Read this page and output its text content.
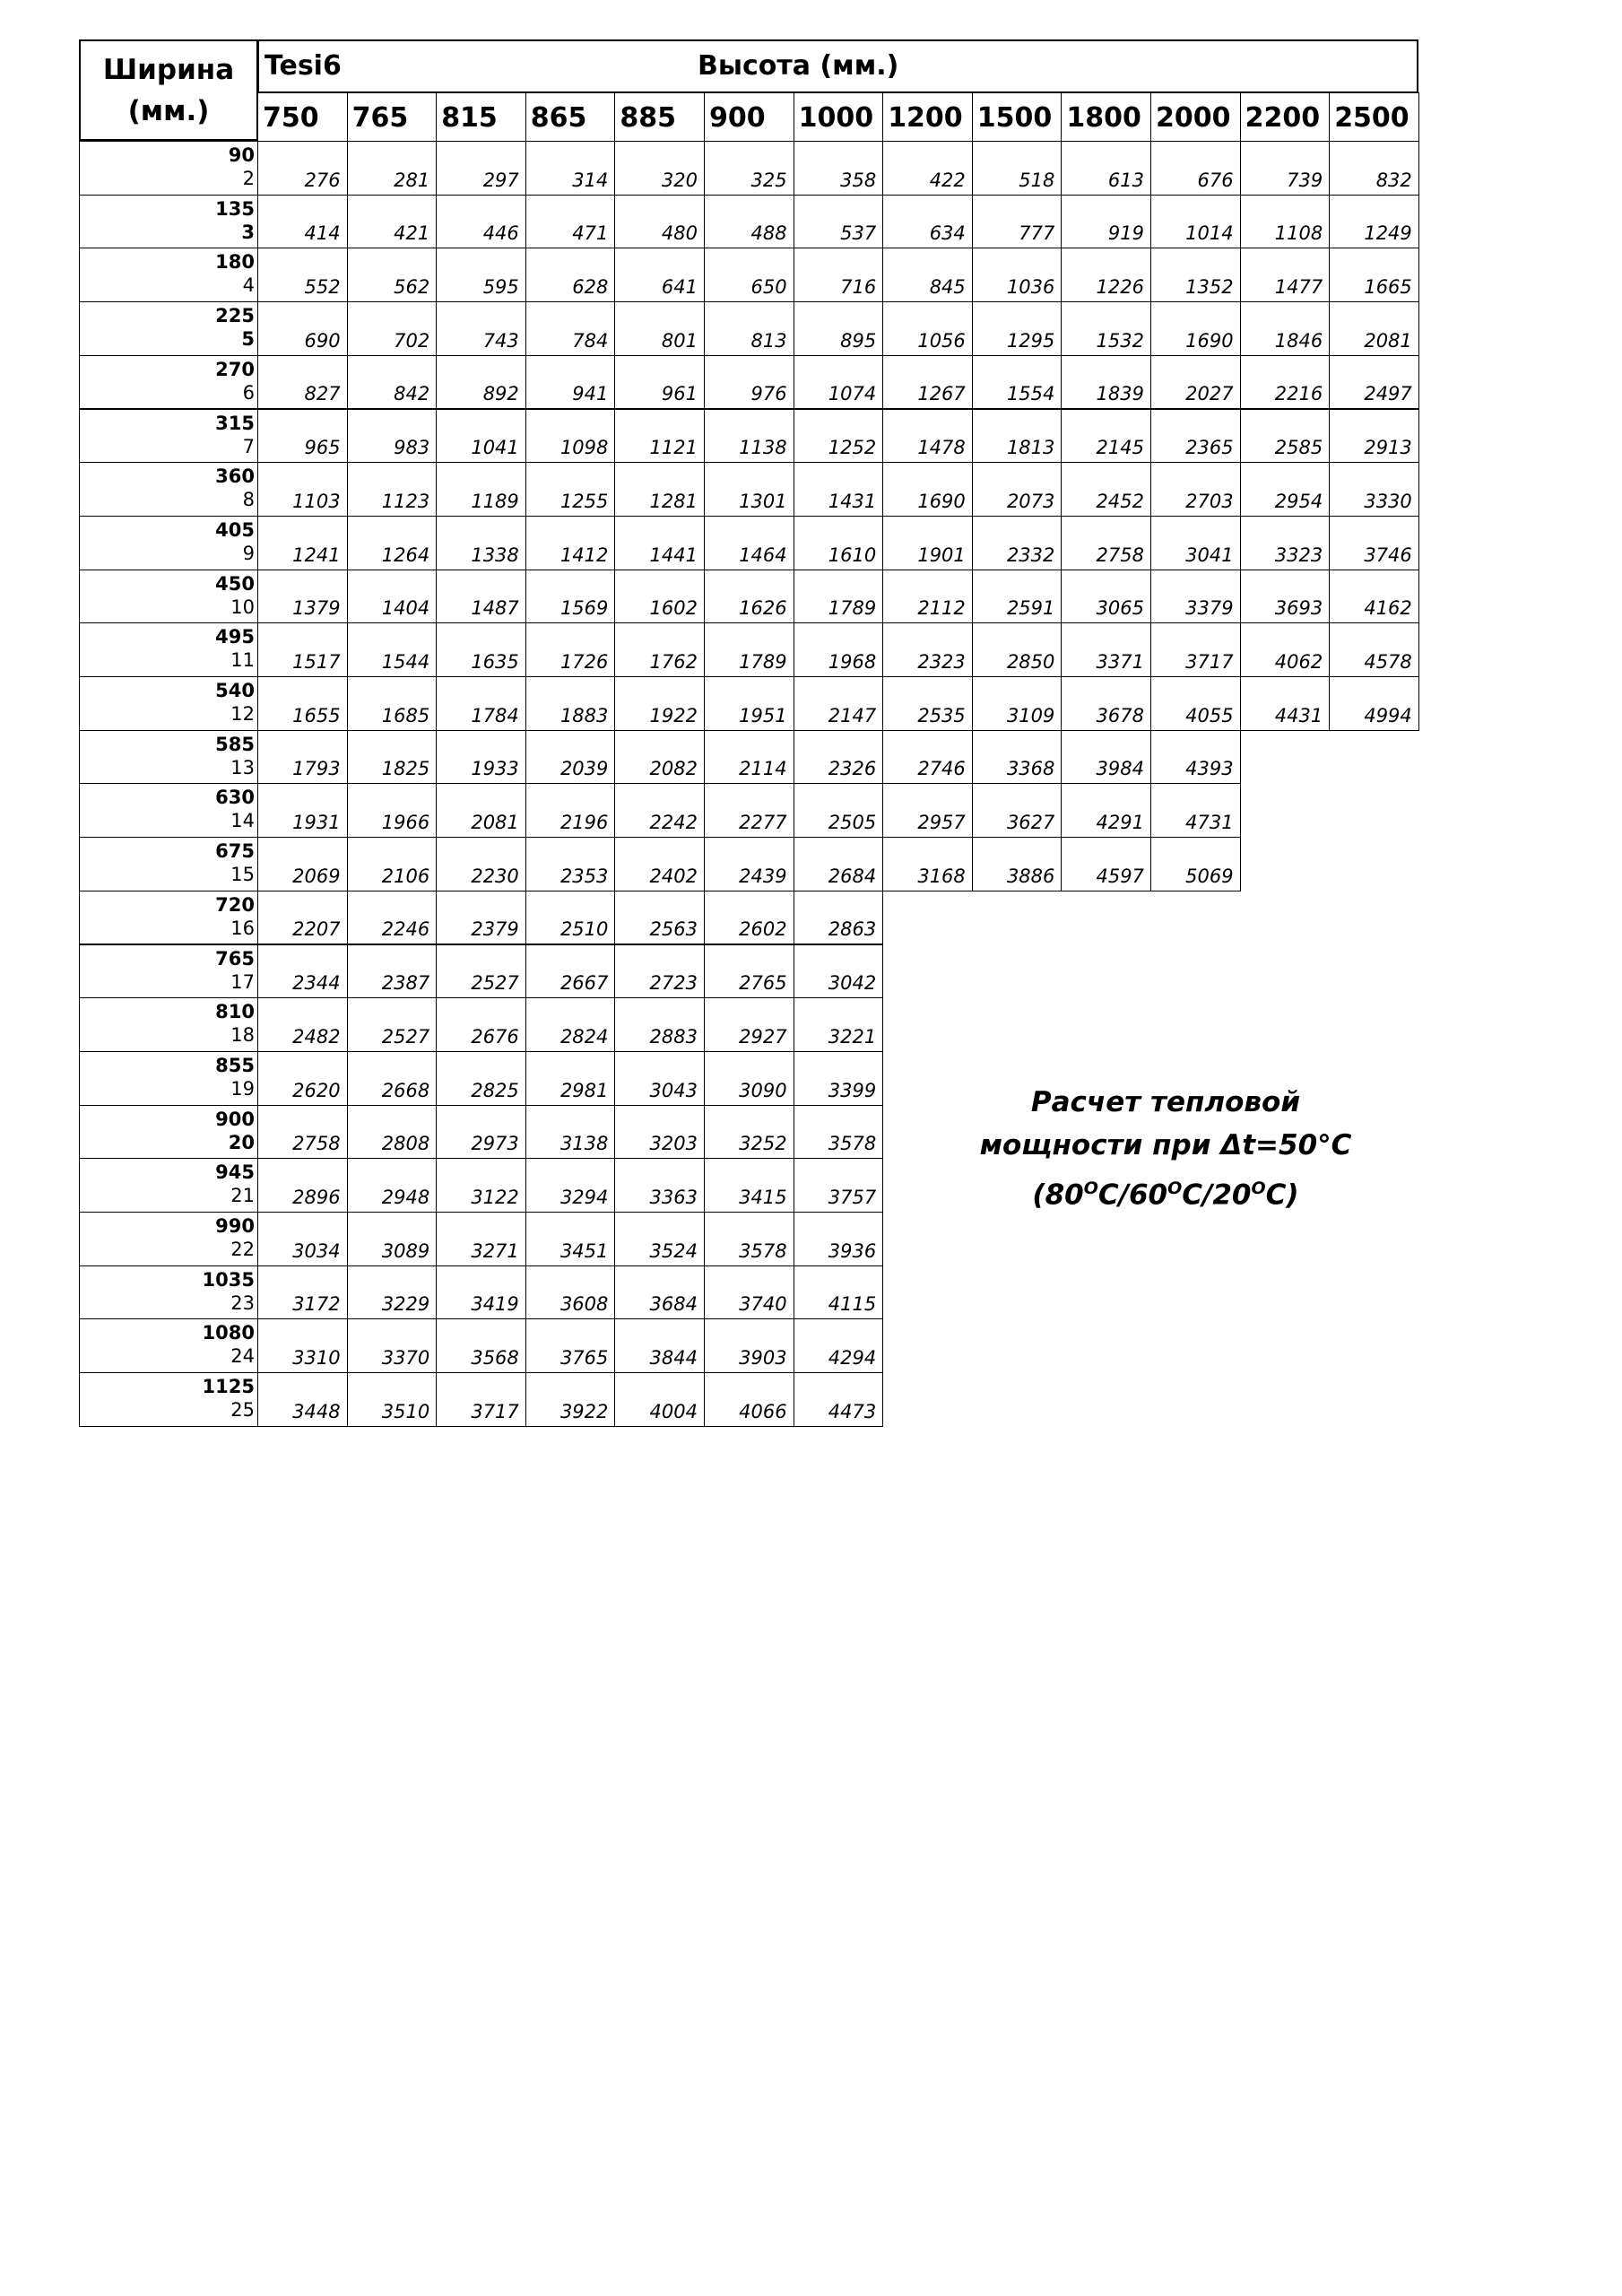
Ширина
(мм.)
Tesi6	Высота (мм.)
750	765	815	865	885	900	1000 1200 1500 1800 2000 2200 2500
90
2	276	281	297	314	320	325	358	422	518	613	676	739	832
135
3	414	421	446	471	480	488	537	634	777	919	1014	1108	1249
180
4	552	562	595	628	641	650	716	845	1036	1226	1352	1477	1665
225
5	690	702	743	784	801	813	895	1056	1295	1532	1690	1846	2081
270
6	827	842	892	941	961	976	1074	1267	1554	1839	2027	2216	2497
315
7	965	983	1041	1098	1121	1138	1252	1478	1813	2145	2365	2585	2913
360
8	1103	1123	1189	1255	1281	1301	1431	1690	2073	2452	2703	2954	3330
405
9	1241	1264	1338	1412	1441	1464	1610	1901	2332	2758	3041	3323	3746
450
10	1379	1404	1487	1569	1602	1626	1789	2112	2591	3065	3379	3693	4162
495
11	1517	1544	1635	1726	1762	1789	1968	2323	2850	3371	3717	4062	4578
540
12	1655	1685	1784	1883	1922	1951	2147	2535	3109	3678	4055	4431	4994
585
13	1793	1825	1933	2039	2082	2114	2326	2746	3368	3984	4393
630
14	1931	1966	2081	2196	2242	2277	2505	2957	3627	4291	4731
675
15	2069	2106	2230	2353	2402	2439	2684	3168	3886	4597	5069
720
16	2207	2246	2379	2510	2563	2602	2863
765
17	2344	2387	2527	2667	2723	2765	3042
810
18	2482	2527	2676	2824	2883	2927	3221
855
19	2620	2668	2825	2981	3043	3090	3399
900
20	2758	2808	2973	3138	3203	3252	3578
945
21	2896	2948	3122	3294	3363	3415	3757
990
22	3034	3089	3271	3451	3524	3578	3936
1035
23	3172	3229	3419	3608	3684	3740	4115
1080
24	3310	3370	3568	3765	3844	3903	4294
1125
25	3448	3510	3717	3922	4004	4066	4473
Расчет тепловой
мощности при Δt=50°C
$(80^OC/60^OC/20^OC)$
